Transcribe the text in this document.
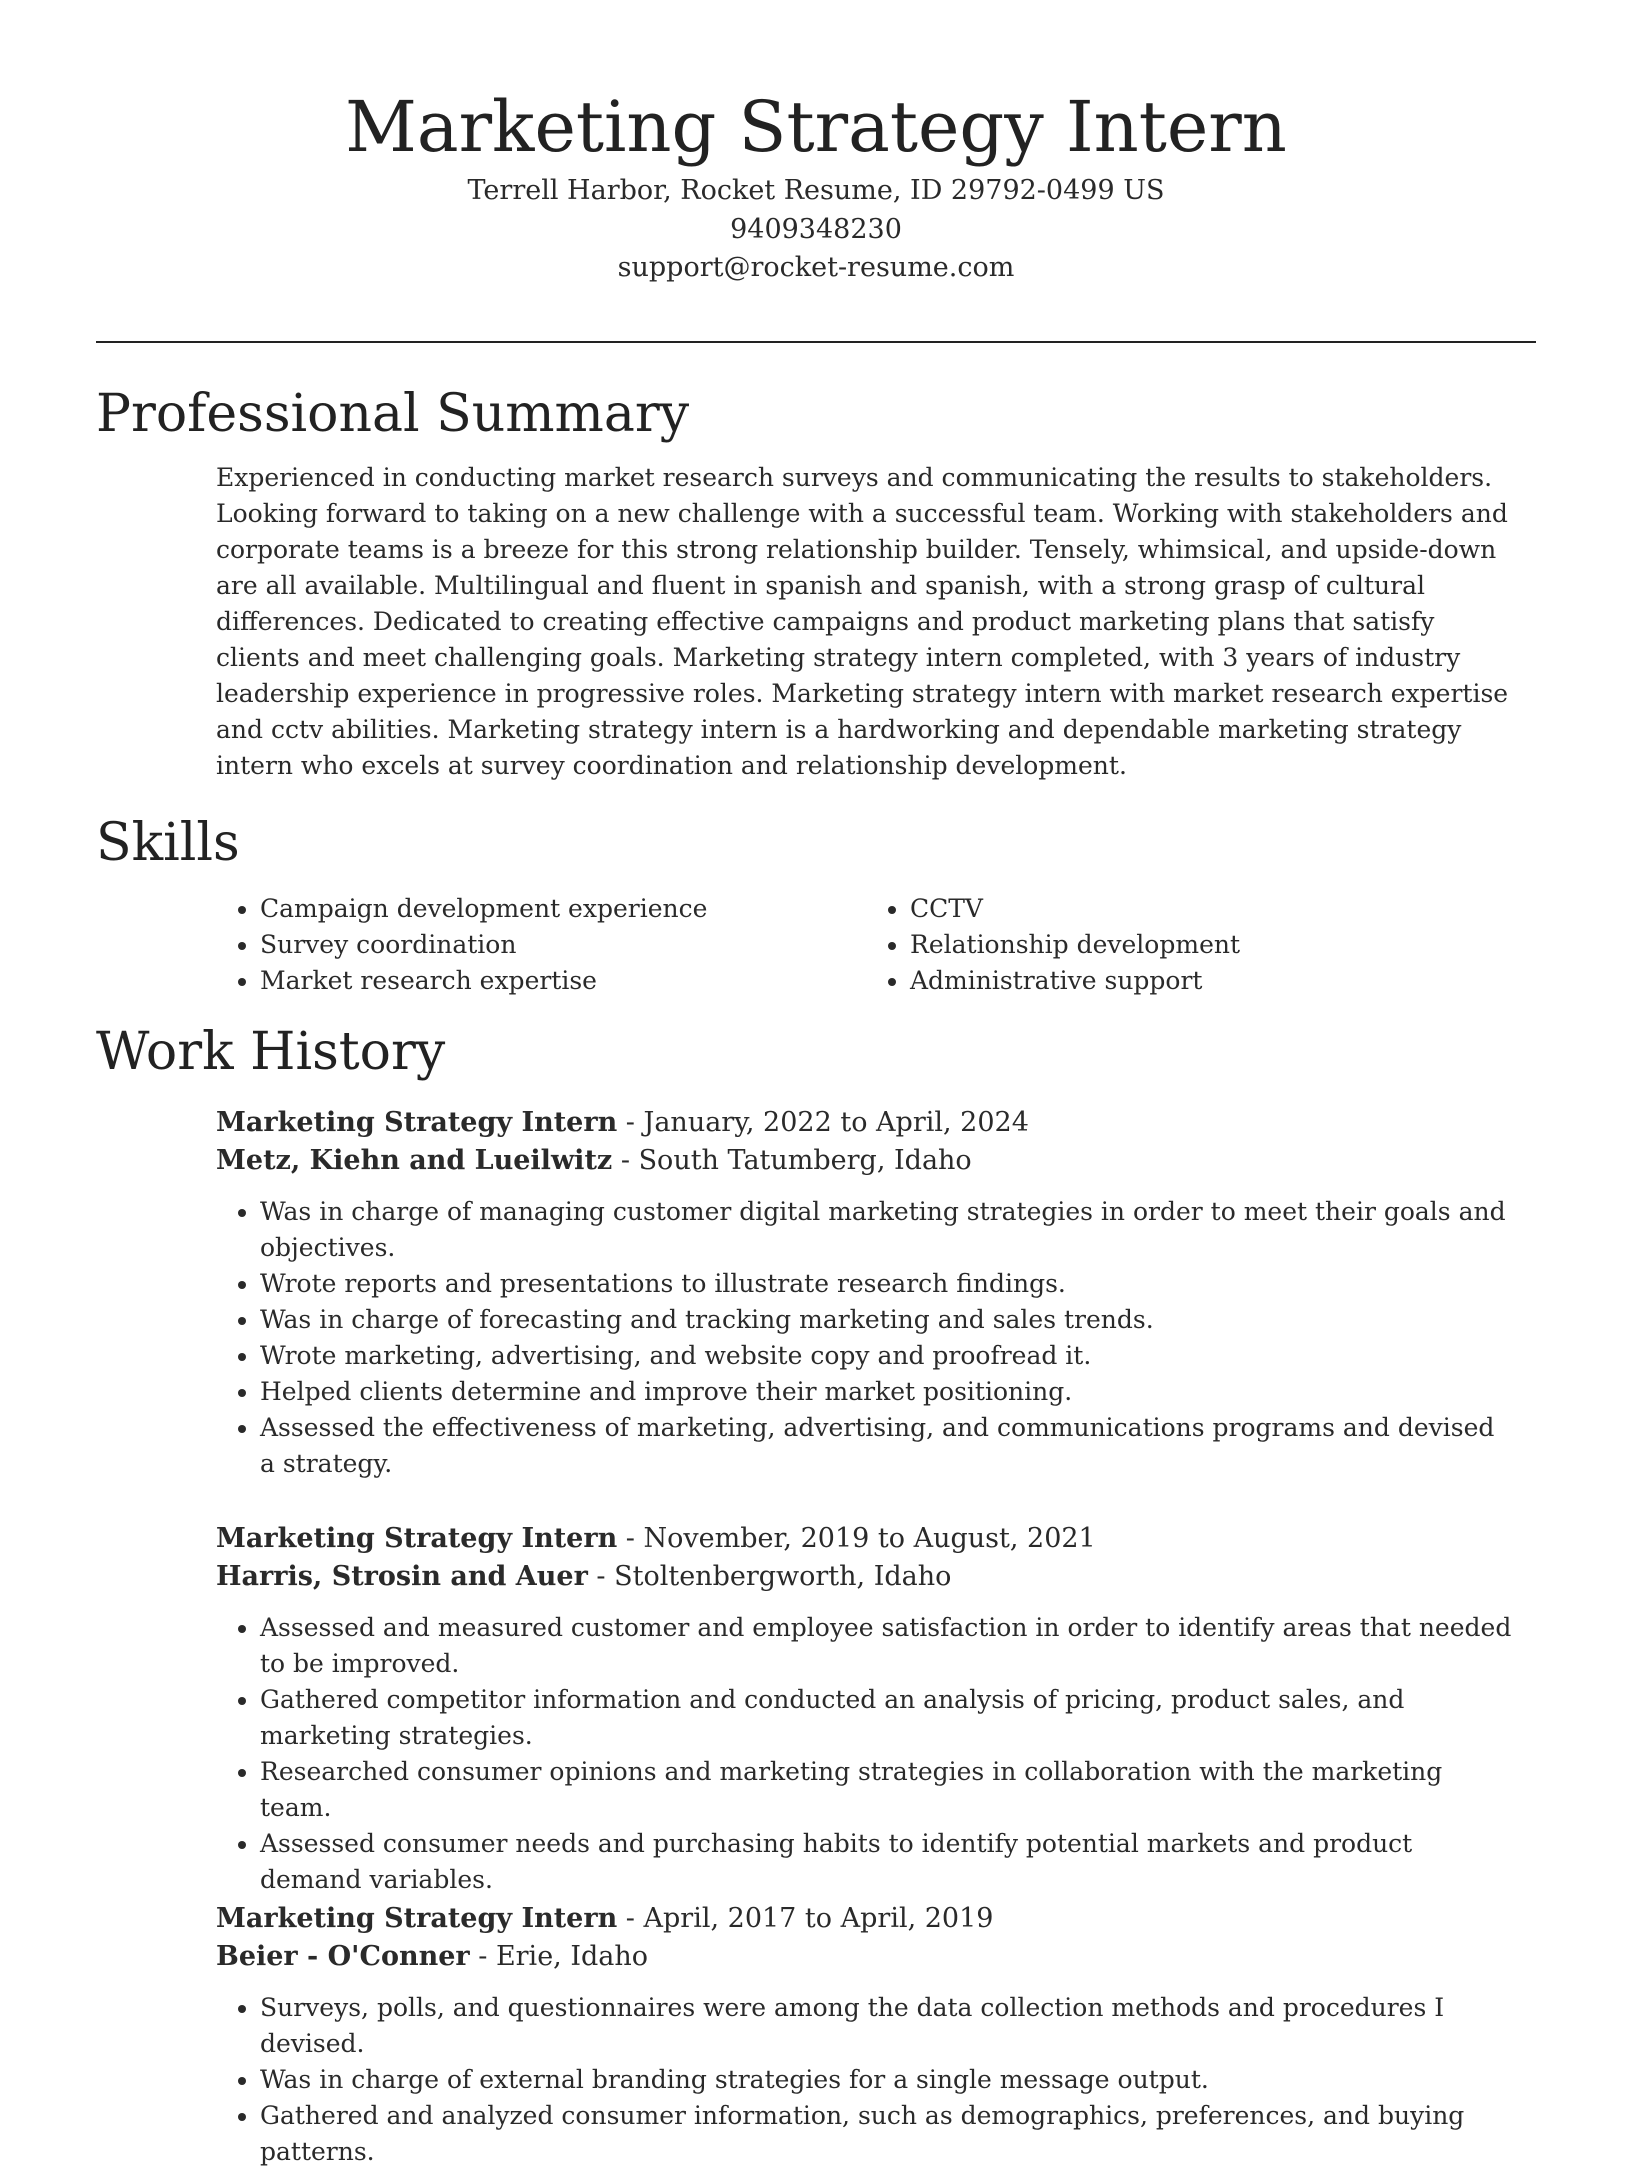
Marketing Strategy Intern
Terrell Harbor, Rocket Resume, ID 29792-0499 US
9409348230
support@rocket-resume.com
Professional Summary

Experienced in conducting market research surveys and communicating the results to stakeholders. Looking forward to taking on a new challenge with a successful team. Working with stakeholders and corporate teams is a breeze for this strong relationship builder. Tensely, whimsical, and upside-down are all available. Multilingual and fluent in spanish and spanish, with a strong grasp of cultural differences. Dedicated to creating effective campaigns and product marketing plans that satisfy clients and meet challenging goals. Marketing strategy intern completed, with 3 years of industry leadership experience in progressive roles. Marketing strategy intern with market research expertise and cctv abilities. Marketing strategy intern is a hardworking and dependable marketing strategy intern who excels at survey coordination and relationship development.

Skills
• Campaign development experience
• Survey coordination
• Market research expertise
• CCTV
• Relationship development
• Administrative support
Work History
Marketing Strategy Intern - January, 2022 to April, 2024
Metz, Kiehn and Lueilwitz - South Tatumberg, Idaho
• Was in charge of managing customer digital marketing strategies in order to meet their goals and objectives.
• Wrote reports and presentations to illustrate research findings.
• Was in charge of forecasting and tracking marketing and sales trends.
• Wrote marketing, advertising, and website copy and proofread it.
• Helped clients determine and improve their market positioning.
• Assessed the effectiveness of marketing, advertising, and communications programs and devised a strategy.
Marketing Strategy Intern - November, 2019 to August, 2021
Harris, Strosin and Auer - Stoltenbergworth, Idaho
• Assessed and measured customer and employee satisfaction in order to identify areas that needed to be improved.
• Gathered competitor information and conducted an analysis of pricing, product sales, and marketing strategies.
• Researched consumer opinions and marketing strategies in collaboration with the marketing team.
• Assessed consumer needs and purchasing habits to identify potential markets and product demand variables.
Marketing Strategy Intern - April, 2017 to April, 2019
Beier - O'Conner - Erie, Idaho
• Surveys, polls, and questionnaires were among the data collection methods and procedures I devised.
• Was in charge of external branding strategies for a single message output.
• Gathered and analyzed consumer information, such as demographics, preferences, and buying patterns.
